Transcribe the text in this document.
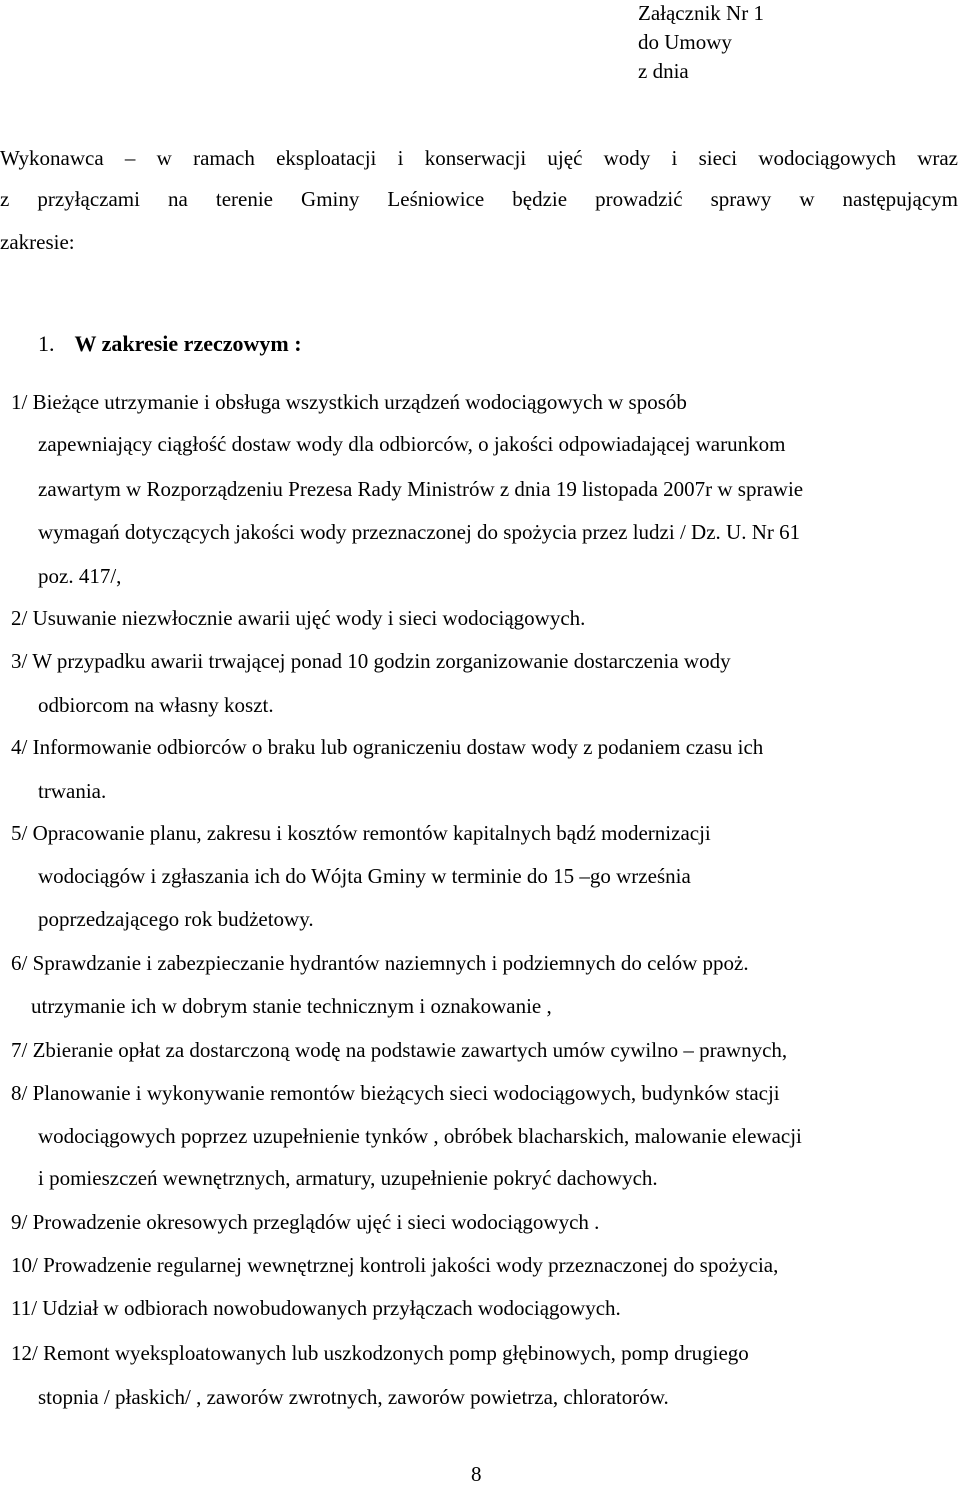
Załącznik Nr 1
do Umowy
z dnia
Wykonawca – w ramach eksploatacji i konserwacji ujęć wody i sieci wodociągowych wraz
z przyłączami na terenie Gminy Leśniowice będzie prowadzić sprawy w następującym
zakresie:
1. W zakresie rzeczowym :
1/ Bieżące utrzymanie i obsługa wszystkich urządzeń wodociągowych w sposób
zapewniający ciągłość dostaw wody dla odbiorców, o jakości odpowiadającej warunkom
zawartym w Rozporządzeniu Prezesa Rady Ministrów z dnia 19 listopada 2007r w sprawie
wymagań dotyczących jakości wody przeznaczonej do spożycia przez ludzi / Dz. U. Nr 61
poz. 417/,
2/ Usuwanie niezwłocznie awarii ujęć wody i sieci wodociągowych.
3/ W przypadku awarii trwającej ponad 10 godzin zorganizowanie dostarczenia wody
odbiorcom na własny koszt.
4/ Informowanie odbiorców o braku lub ograniczeniu dostaw wody z podaniem czasu ich
trwania.
5/ Opracowanie planu, zakresu i kosztów remontów kapitalnych bądź modernizacji
wodociągów i zgłaszania ich do Wójta Gminy w terminie do 15 –go września
poprzedzającego rok budżetowy.
6/ Sprawdzanie i zabezpieczanie hydrantów naziemnych i podziemnych do celów ppoż.
utrzymanie ich w dobrym stanie technicznym i oznakowanie ,
7/ Zbieranie opłat za dostarczoną wodę na podstawie zawartych umów cywilno – prawnych,
8/ Planowanie i wykonywanie remontów bieżących sieci wodociągowych, budynków stacji
wodociągowych poprzez uzupełnienie tynków , obróbek blacharskich, malowanie elewacji
i pomieszczeń wewnętrznych, armatury, uzupełnienie pokryć dachowych.
9/ Prowadzenie okresowych przeglądów ujęć i sieci wodociągowych .
10/ Prowadzenie regularnej wewnętrznej kontroli jakości wody przeznaczonej do spożycia,
11/ Udział w odbiorach nowobudowanych przyłączach wodociągowych.
12/ Remont wyeksploatowanych lub uszkodzonych pomp głębinowych, pomp drugiego
stopnia / płaskich/ , zaworów zwrotnych, zaworów powietrza, chloratorów.
8
